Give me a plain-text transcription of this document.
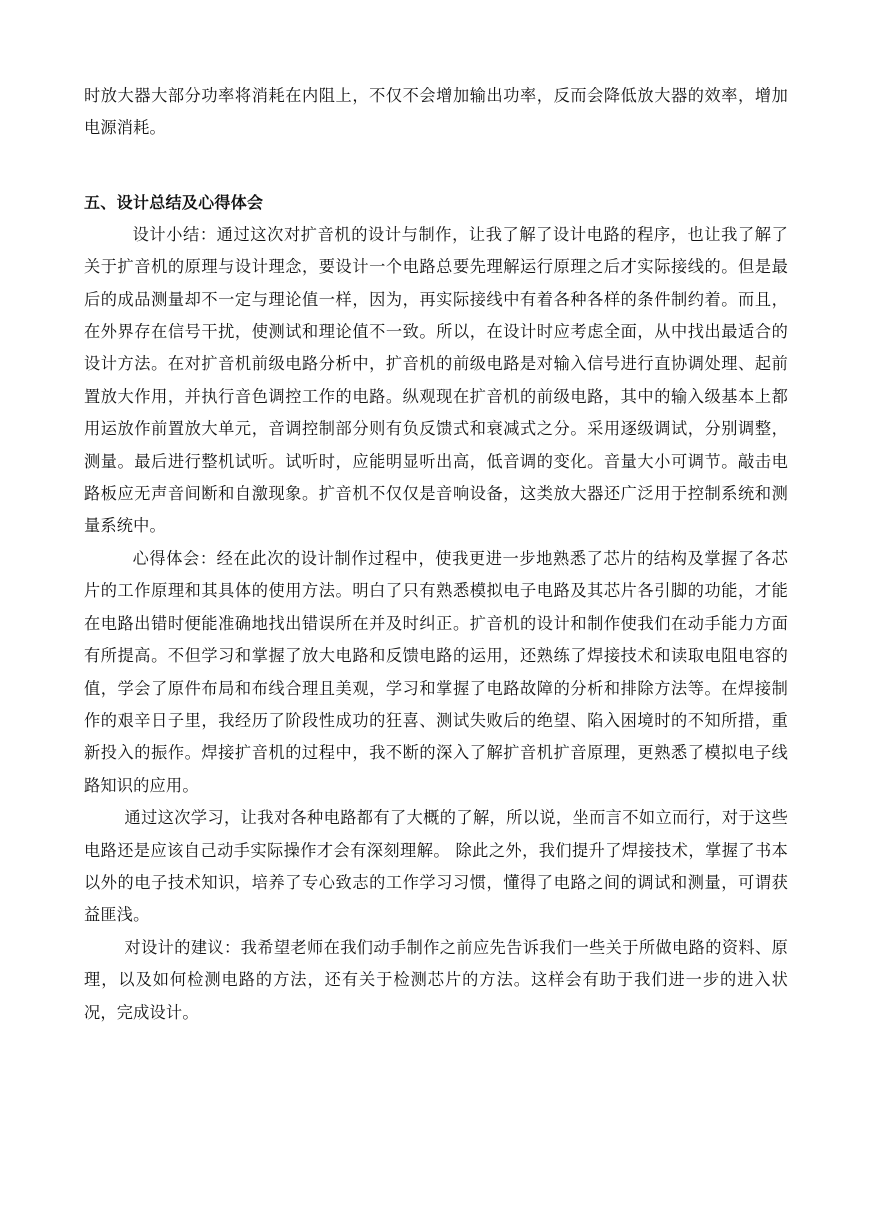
时放大器大部分功率将消耗在内阻上，不仅不会增加输出功率，反而会降低放大器的效率，增加电源消耗。

五、设计总结及心得体会

设计小结：通过这次对扩音机的设计与制作，让我了解了设计电路的程序，也让我了解了关于扩音机的原理与设计理念，要设计一个电路总要先理解运行原理之后才实际接线的。但是最后的成品测量却不一定与理论值一样，因为，再实际接线中有着各种各样的条件制约着。而且，在外界存在信号干扰，使测试和理论值不一致。所以，在设计时应考虑全面，从中找出最适合的设计方法。在对扩音机前级电路分析中，扩音机的前级电路是对输入信号进行直协调处理、起前置放大作用，并执行音色调控工作的电路。纵观现在扩音机的前级电路，其中的输入级基本上都用运放作前置放大单元，音调控制部分则有负反馈式和衰减式之分。采用逐级调试，分别调整，测量。最后进行整机试听。试听时，应能明显听出高，低音调的变化。音量大小可调节。敲击电路板应无声音间断和自激现象。扩音机不仅仅是音响设备，这类放大器还广泛用于控制系统和测量系统中。

心得体会：经在此次的设计制作过程中，使我更进一步地熟悉了芯片的结构及掌握了各芯片的工作原理和其具体的使用方法。明白了只有熟悉模拟电子电路及其芯片各引脚的功能，才能在电路出错时便能准确地找出错误所在并及时纠正。扩音机的设计和制作使我们在动手能力方面有所提高。不但学习和掌握了放大电路和反馈电路的运用，还熟练了焊接技术和读取电阻电容的值，学会了原件布局和布线合理且美观，学习和掌握了电路故障的分析和排除方法等。在焊接制作的艰辛日子里，我经历了阶段性成功的狂喜、测试失败后的绝望、陷入困境时的不知所措，重新投入的振作。焊接扩音机的过程中，我不断的深入了解扩音机扩音原理，更熟悉了模拟电子线路知识的应用。

通过这次学习，让我对各种电路都有了大概的了解，所以说，坐而言不如立而行，对于这些电路还是应该自己动手实际操作才会有深刻理解。 除此之外，我们提升了焊接技术，掌握了书本以外的电子技术知识，培养了专心致志的工作学习习惯，懂得了电路之间的调试和测量，可谓获益匪浅。

对设计的建议：我希望老师在我们动手制作之前应先告诉我们一些关于所做电路的资料、原理，以及如何检测电路的方法，还有关于检测芯片的方法。这样会有助于我们进一步的进入状况，完成设计。
